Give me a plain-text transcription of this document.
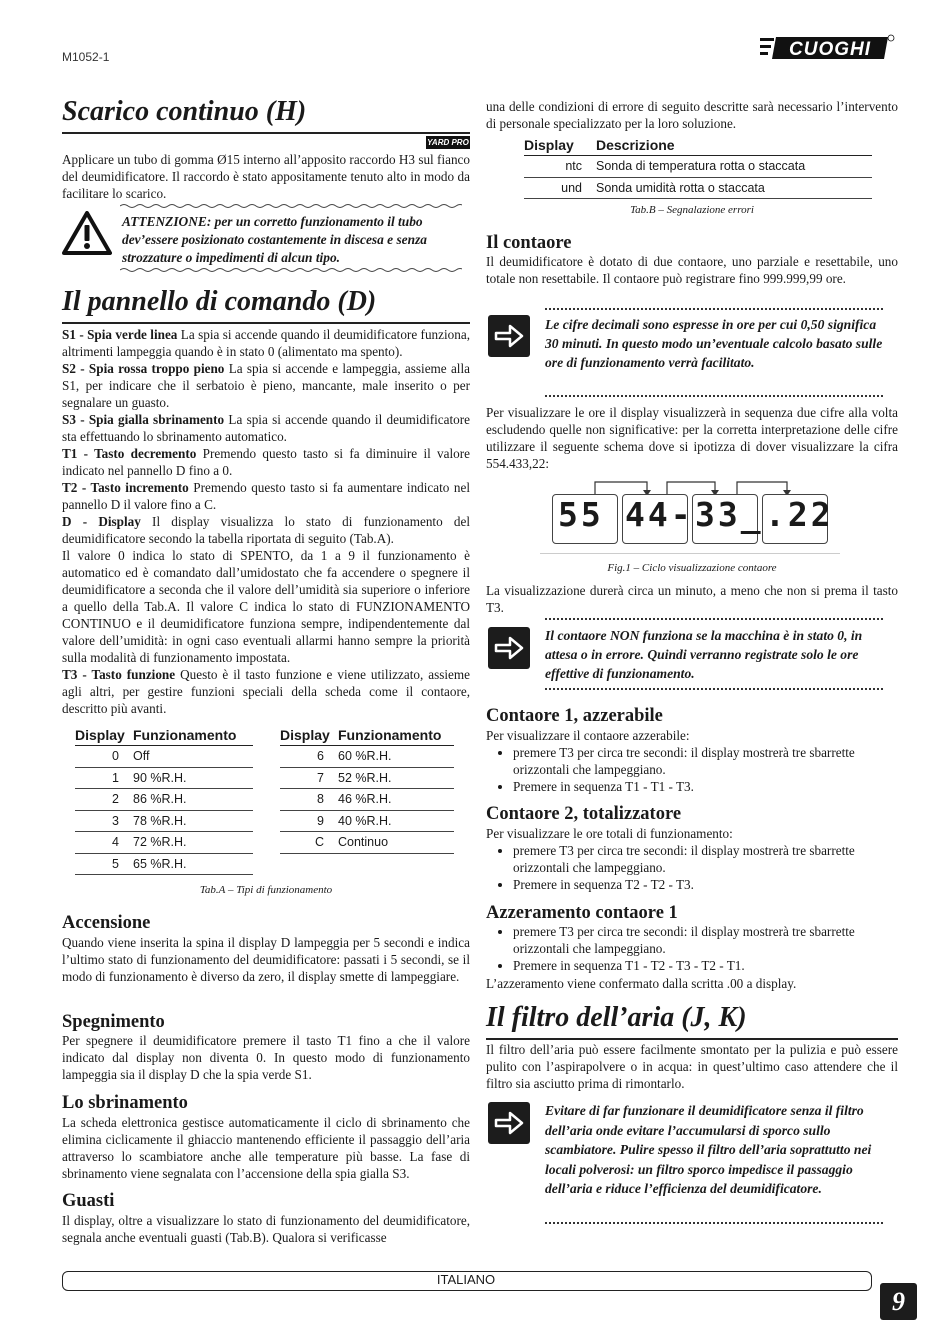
M1052-1	CUOGHI
Scarico continuo (H)
YARD PRO

Applicare un tubo di gomma Ø15 interno all’apposito raccordo H3 sul fianco del deumidificatore. Il raccordo è stato appositamente tenuto alto in modo da facilitare lo scarico.

ATTENZIONE: per un corretto funzionamento il tubo dev’essere posizionato costantemente in discesa e senza strozzature o impedimenti di alcun tipo.
Il pannello di comando (D)

S1 - Spia verde linea La spia si accende quando il deumidificatore funziona, altrimenti lampeggia quando è in stato 0 (alimentato ma spento).

S2 - Spia rossa troppo pieno La spia si accende e lampeggia, assieme alla S1, per indicare che il serbatoio è pieno, mancante, male inserito o per segnalare un guasto.

S3 - Spia gialla sbrinamento La spia si accende quando il deumidificatore sta effettuando lo sbrinamento automatico.

T1 - Tasto decremento Premendo questo tasto si fa diminuire il valore indicato nel pannello D fino a 0.

T2 - Tasto incremento Premendo questo tasto si fa aumentare indicato nel pannello D il valore fino a C.

D - Display Il display visualizza lo stato di funzionamento del deumidificatore secondo la tabella riportata di seguito (Tab.A).

Il valore 0 indica lo stato di SPENTO, da 1 a 9 il funzionamento è automatico ed è comandato dall’umidostato che fa accendere o spegnere il deumidificatore a seconda che il valore dell’umidità sia superiore o inferiore a quello della Tab.A. Il valore C indica lo stato di FUNZIONAMENTO CONTINUO e il deumidificatore funziona sempre, indipendentemente dal valore dell’umidità: in ogni caso eventuali allarmi hanno sempre la priorità sulla modalità di funzionamento impostata.

T3 - Tasto funzione Questo è il tasto funzione e viene utilizzato, assieme agli altri, per gestire funzioni speciali della scheda come il contaore, descritto più avanti.

Display	Funzionamento
0	Off
1	90 %R.H.
2	86 %R.H.
3	78 %R.H.
4	72 %R.H.
5	65 %R.H.
Display	Funzionamento
6	60 %R.H.
7	52 %R.H.
8	46 %R.H.
9	40 %R.H.
C	Continuo
Tab.A – Tipi di funzionamento
Accensione

Quando viene inserita la spina il display D lampeggia per 5 secondi e indica l’ultimo stato di funzionamento del deumidificatore: passati i 5 secondi, se il modo di funzionamento è diverso da zero, il display smette di lampeggiare.

Spegnimento

Per spegnere il deumidificatore premere il tasto T1 fino a che il valore indicato dal display non diventa 0. In questo modo di funzionamento lampeggia sia il display D che la spia verde S1.

Lo sbrinamento

La scheda elettronica gestisce automaticamente il ciclo di sbrinamento che elimina ciclicamente il ghiaccio mantenendo efficiente il passaggio dell’aria attraverso lo scambiatore anche alle temperature più basse. La fase di sbrinamento viene segnalata con l’accensione della spia gialla S3.

Guasti

Il display, oltre a visualizzare lo stato di funzionamento del deumidificatore, segnala anche eventuali guasti (Tab.B). Qualora si verificasse

una delle condizioni di errore di seguito descritte sarà necessario l’intervento di personale specializzato per la loro soluzione.

Display	Descrizione
ntc	Sonda di temperatura rotta o staccata
und	Sonda umidità rotta o staccata
Tab.B – Segnalazione errori
Il contaore

Il deumidificatore è dotato di due contaore, uno parziale e resettabile, uno totale non resettabile. Il contaore può registrare fino 999.999,99 ore.

Le cifre decimali sono espresse in ore per cui 0,50 significa 30 minuti. In questo modo un’eventuale calcolo basato sulle ore di funzionamento verrà facilitato.

Per visualizzare le ore il display visualizzerà in sequenza due cifre alla volta escludendo quelle non significative: per la corretta interpretazione delle cifre utilizzare il seguente schema dove si ipotizza di dover visualizzare la cifra 554.433,22:

55 44- 33_ .22
Fig.1 – Ciclo visualizzazione contaore

La visualizzazione durerà circa un minuto, a meno che non si prema il tasto T3.

Il contaore NON funziona se la macchina è in stato 0, in attesa o in errore. Quindi verranno registrate solo le ore effettive di funzionamento.
Contaore 1, azzerabile

Per visualizzare il contaore azzerabile:

• premere T3 per circa tre secondi: il display mostrerà tre sbarrette orizzontali che lampeggiano.
• Premere in sequenza T1 - T1 - T3.
Contaore 2, totalizzatore

Per visualizzare le ore totali di funzionamento:

• premere T3 per circa tre secondi: il display mostrerà tre sbarrette orizzontali che lampeggiano.
• Premere in sequenza T2 - T2 - T3.
Azzeramento contaore 1
• premere T3 per circa tre secondi: il display mostrerà tre sbarrette orizzontali che lampeggiano.
• Premere in sequenza T1 - T2 - T3 - T2 - T1.

L’azzeramento viene confermato dalla scritta .00 a display.

Il filtro dell’aria (J, K)

Il filtro dell’aria può essere facilmente smontato per la pulizia e può essere pulito con l’aspirapolvere o in acqua: in quest’ultimo caso attendere che il filtro sia asciutto prima di rimontarlo.

Evitare di far funzionare il deumidificatore senza il filtro dell’aria onde evitare l’accumularsi di sporco sullo scambiatore. Pulire spesso il filtro dell’aria soprattutto nei locali polverosi: un filtro sporco impedisce il passaggio dell’aria e riduce l’efficienza del deumidificatore.
ITALIANO
9
